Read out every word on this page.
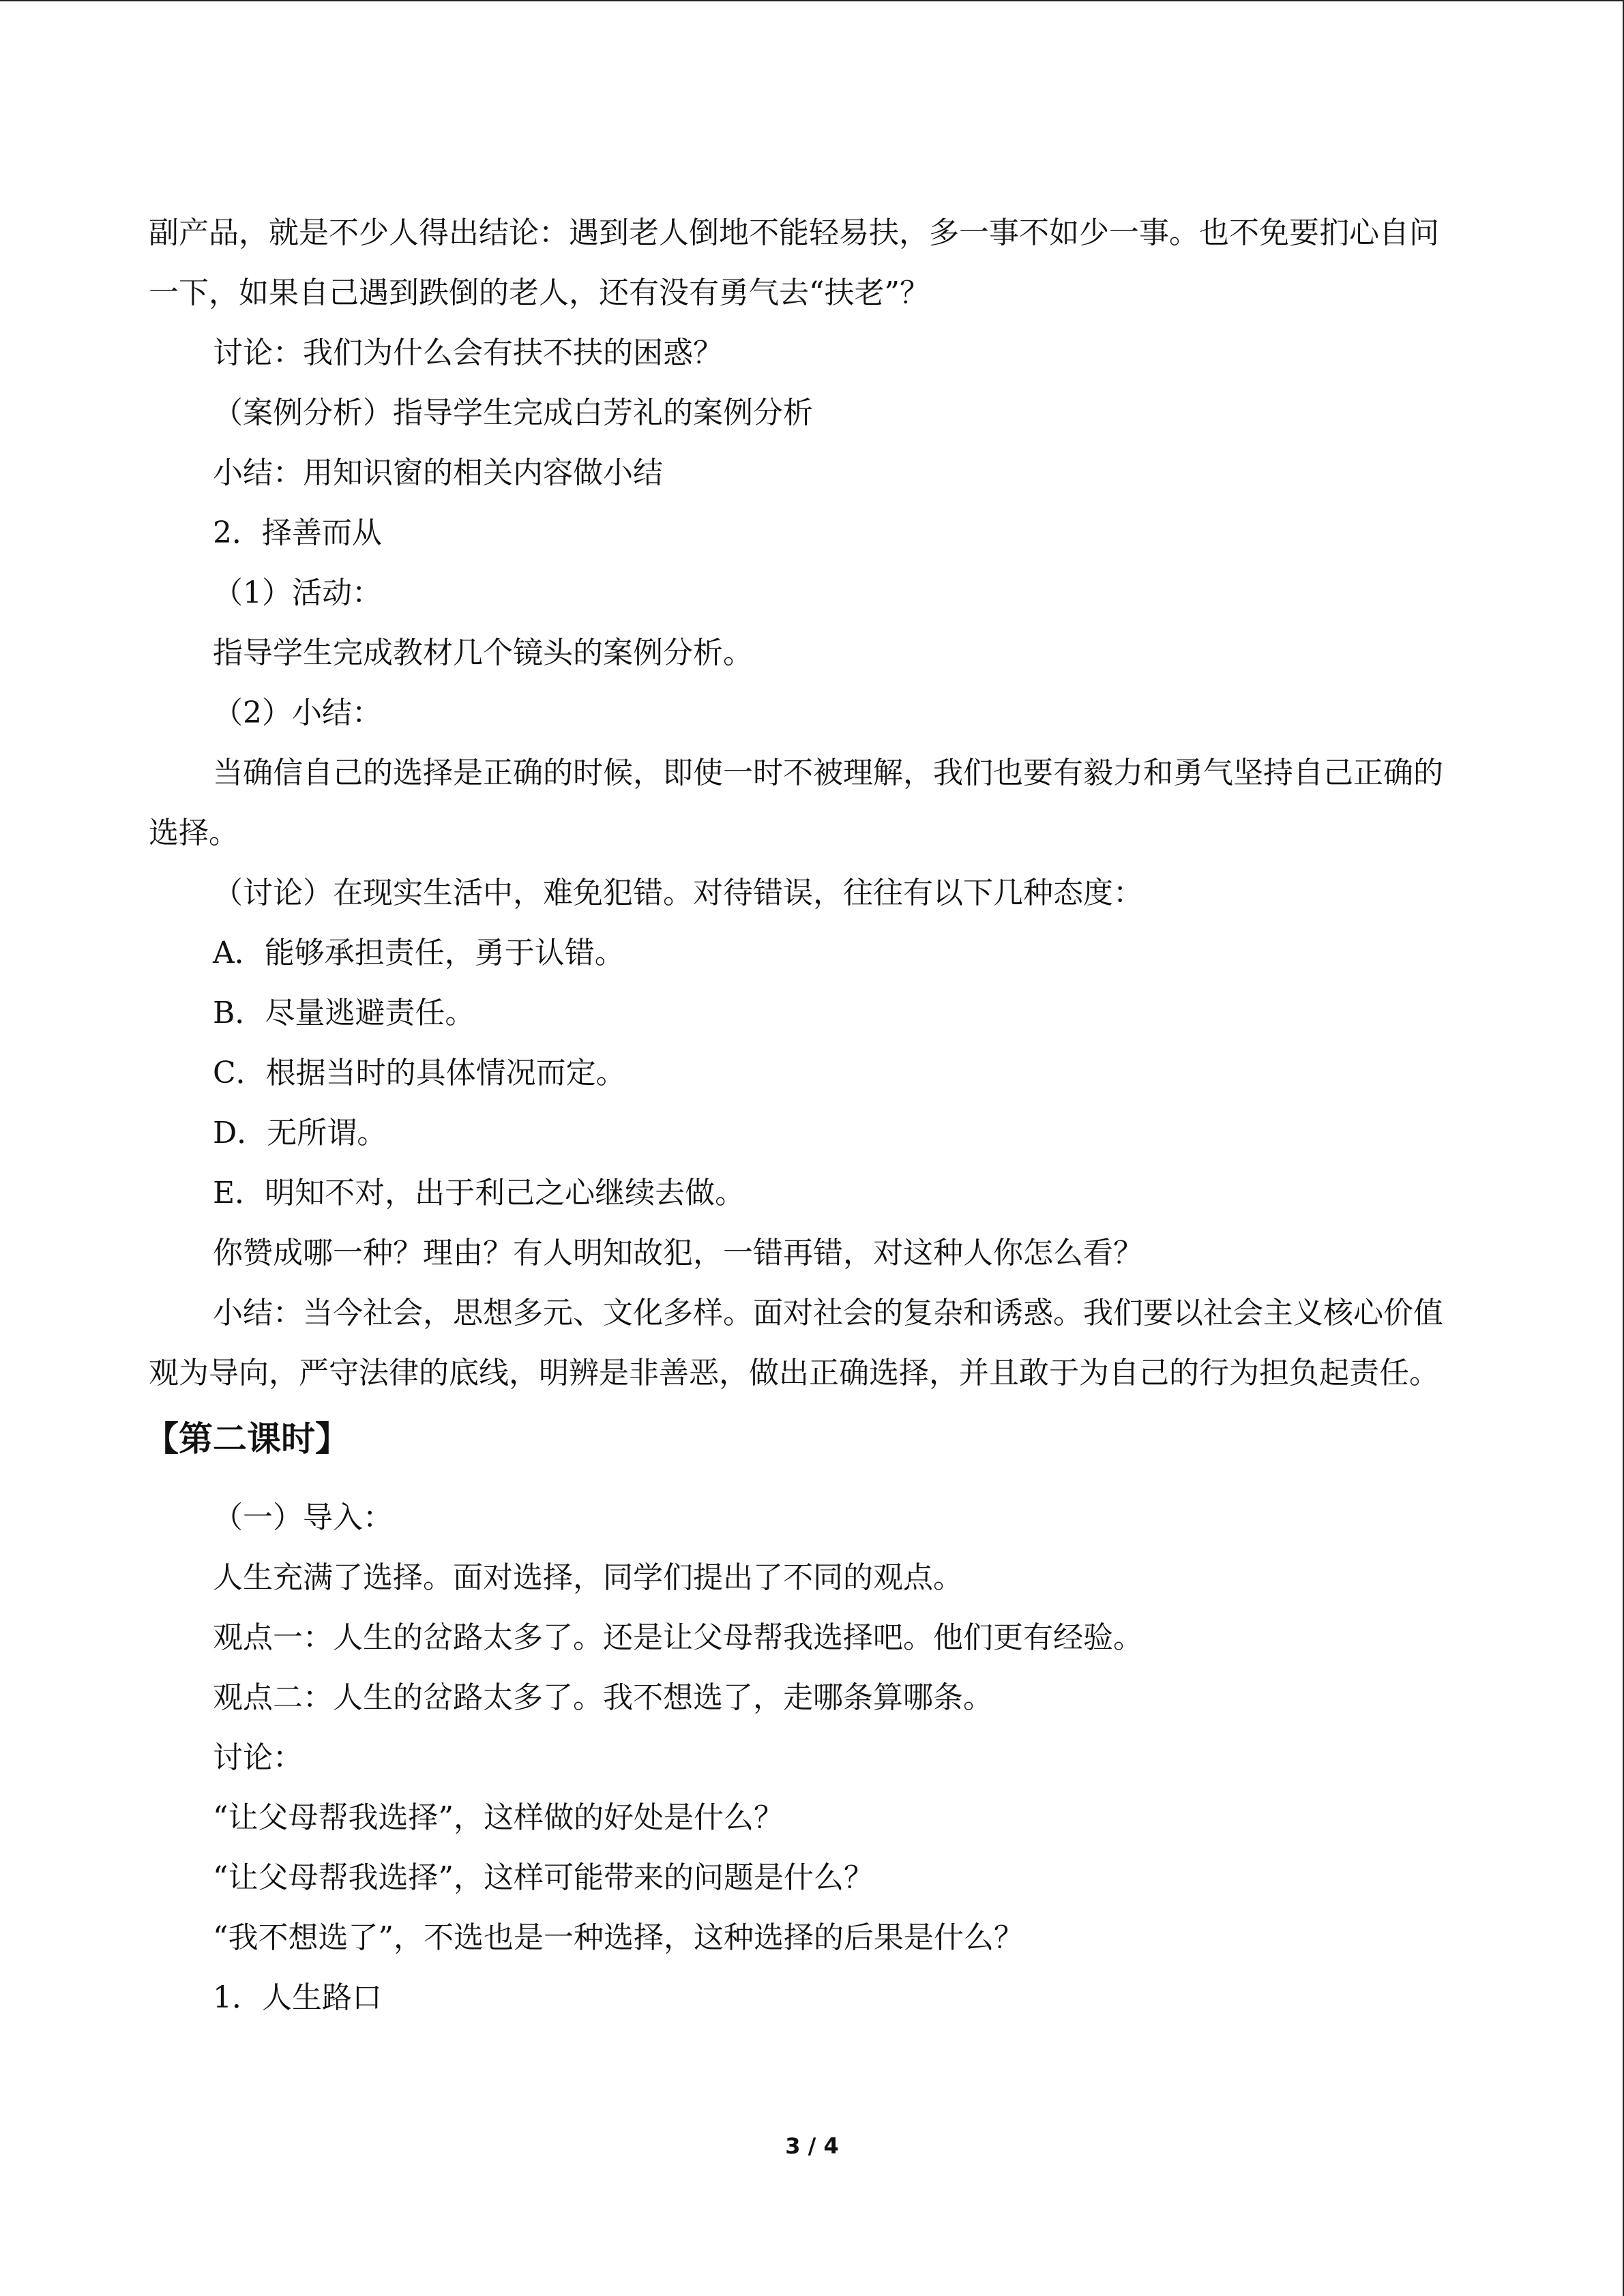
副产品，就是不少人得出结论：遇到老人倒地不能轻易扶，多一事不如少一事。也不免要扪心自问一下，如果自己遇到跌倒的老人，还有没有勇气去“扶老”？

讨论：我们为什么会有扶不扶的困惑？

（案例分析）指导学生完成白芳礼的案例分析

小结：用知识窗的相关内容做小结

2．择善而从

（1）活动：

指导学生完成教材几个镜头的案例分析。

（2）小结：

当确信自己的选择是正确的时候，即使一时不被理解，我们也要有毅力和勇气坚持自己正确的选择。

（讨论）在现实生活中，难免犯错。对待错误，往往有以下几种态度：

A．能够承担责任，勇于认错。

B．尽量逃避责任。

C．根据当时的具体情况而定。

D．无所谓。

E．明知不对，出于利己之心继续去做。

你赞成哪一种？理由？有人明知故犯，一错再错，对这种人你怎么看？

小结：当今社会，思想多元、文化多样。面对社会的复杂和诱惑。我们要以社会主义核心价值观为导向，严守法律的底线，明辨是非善恶，做出正确选择，并且敢于为自己的行为担负起责任。

【第二课时】

（一）导入：

人生充满了选择。面对选择，同学们提出了不同的观点。

观点一：人生的岔路太多了。还是让父母帮我选择吧。他们更有经验。

观点二：人生的岔路太多了。我不想选了，走哪条算哪条。

讨论：

“让父母帮我选择”，这样做的好处是什么？

“让父母帮我选择”，这样可能带来的问题是什么？

“我不想选了”，不选也是一种选择，这种选择的后果是什么？

1．人生路口

3 / 4
